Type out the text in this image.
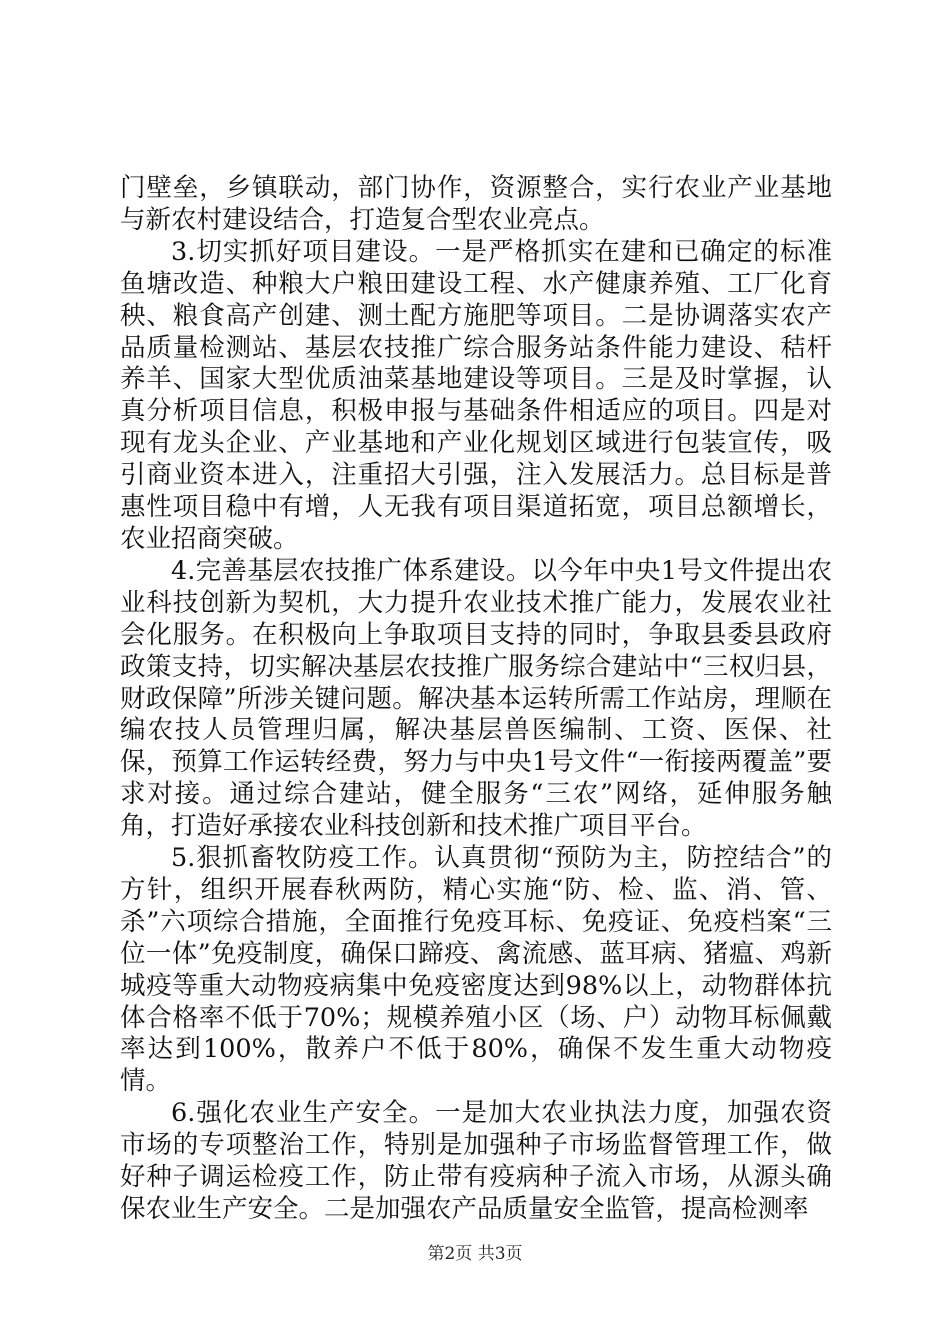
门壁垒，乡镇联动，部门协作，资源整合，实行农业产业基地与新农村建设结合，打造复合型农业亮点。

3.切实抓好项目建设。一是严格抓实在建和已确定的标准鱼塘改造、种粮大户粮田建设工程、水产健康养殖、工厂化育秧、粮食高产创建、测土配方施肥等项目。二是协调落实农产品质量检测站、基层农技推广综合服务站条件能力建设、秸杆养羊、国家大型优质油菜基地建设等项目。三是及时掌握，认真分析项目信息，积极申报与基础条件相适应的项目。四是对现有龙头企业、产业基地和产业化规划区域进行包装宣传，吸引商业资本进入，注重招大引强，注入发展活力。总目标是普惠性项目稳中有增，人无我有项目渠道拓宽，项目总额增长，农业招商突破。

4.完善基层农技推广体系建设。以今年中央1号文件提出农业科技创新为契机，大力提升农业技术推广能力，发展农业社会化服务。在积极向上争取项目支持的同时，争取县委县政府政策支持，切实解决基层农技推广服务综合建站中“三权归县，财政保障”所涉关键问题。解决基本运转所需工作站房，理顺在编农技人员管理归属，解决基层兽医编制、工资、医保、社保，预算工作运转经费，努力与中央1号文件“一衔接两覆盖”要求对接。通过综合建站，健全服务“三农”网络，延伸服务触角，打造好承接农业科技创新和技术推广项目平台。

5.狠抓畜牧防疫工作。认真贯彻“预防为主，防控结合”的方针，组织开展春秋两防，精心实施“防、检、监、消、管、杀”六项综合措施，全面推行免疫耳标、免疫证、免疫档案“三位一体”免疫制度，确保口蹄疫、禽流感、蓝耳病、猪瘟、鸡新城疫等重大动物疫病集中免疫密度达到98%以上，动物群体抗体合格率不低于70%；规模养殖小区（场、户）动物耳标佩戴率达到100%，散养户不低于80%，确保不发生重大动物疫情。

6.强化农业生产安全。一是加大农业执法力度，加强农资市场的专项整治工作，特别是加强种子市场监督管理工作，做好种子调运检疫工作，防止带有疫病种子流入市场，从源头确保农业生产安全。二是加强农产品质量安全监管，提高检测率

第2页 共3页
